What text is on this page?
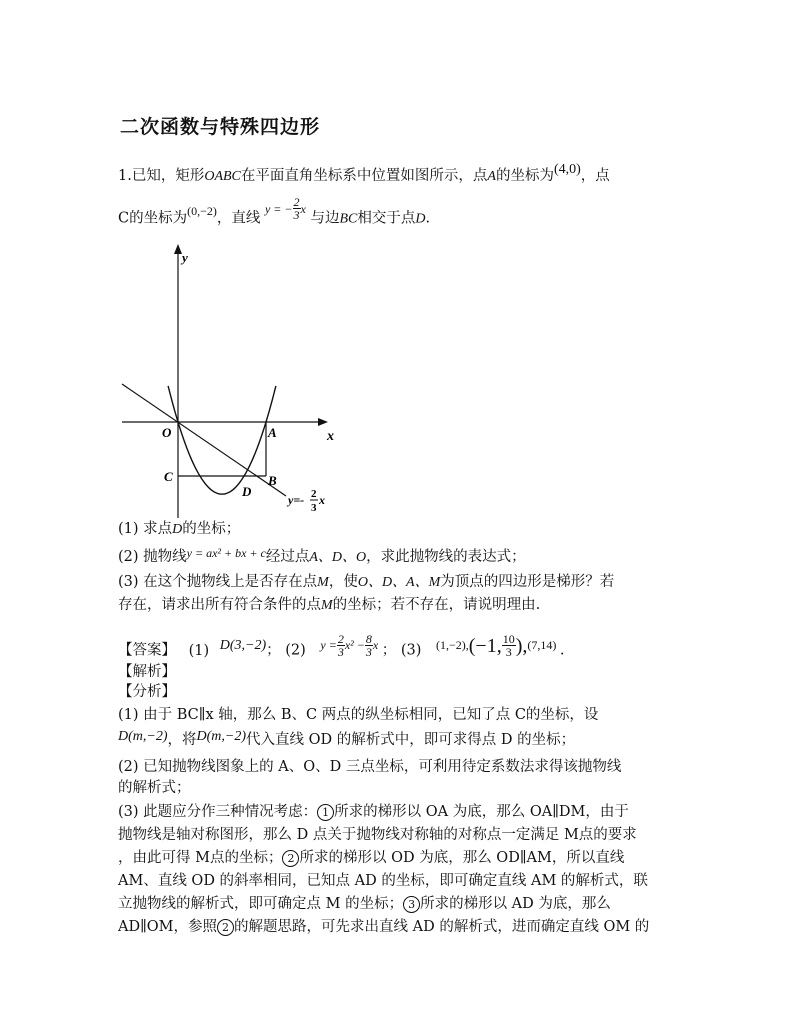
二次函数与特殊四边形
1.已知，矩形OABC在平面直角坐标系中位置如图所示，点A的坐标为(4,0)，点
C的坐标为$^{(0,-2)}$，直线 y = − $\frac{2}{3}$ x 与边BC相交于点D.
y
x
O	A
B
C
D
y=- 2
3
x
(1) 求点D的坐标；
(2) 抛物线$^{y = ax^2 + bx + c}$经过点A、D、O，求此抛物线的表达式；
(3) 在这个抛物线上是否存在点M，使O、D、A、M为顶点的四边形是梯形？若
存在，请求出所有符合条件的点M的坐标；若不存在，请说明理由.
【答案】 (1) D(3,−2)； (2) $y = \frac{2}{3} x^2 - \frac{8}{3}$ x ； (3) (1,−2),(−1, $\frac{10}{3} ),(7,14)$ .
【解析】
【分析】
(1) 由于 BC∥x 轴，那么 B、C 两点的纵坐标相同，已知了点 C的坐标，设
D(m,−2)，将D(m,−2)代入直线 OD 的解析式中，即可求得点 D 的坐标；
(2) 已知抛物线图象上的 A、O、D 三点坐标，可利用待定系数法求得该抛物线
的解析式；
(3) 此题应分作三种情况考虑： 1 所求的梯形以 OA 为底，那么 OA∥DM，由于
抛物线是轴对称图形，那么 D 点关于抛物线对称轴的对称点一定满足 M点的要求
，由此可得 M点的坐标； 2 所求的梯形以 OD 为底，那么 OD∥AM，所以直线
AM、直线 OD 的斜率相同，已知点 AD 的坐标，即可确定直线 AM 的解析式，联
立抛物线的解析式，即可确定点 M 的坐标； 3 所求的梯形以 AD 为底，那么
AD∥OM，参照 2 的解题思路，可先求出直线 AD 的解析式，进而确定直线 OM 的
